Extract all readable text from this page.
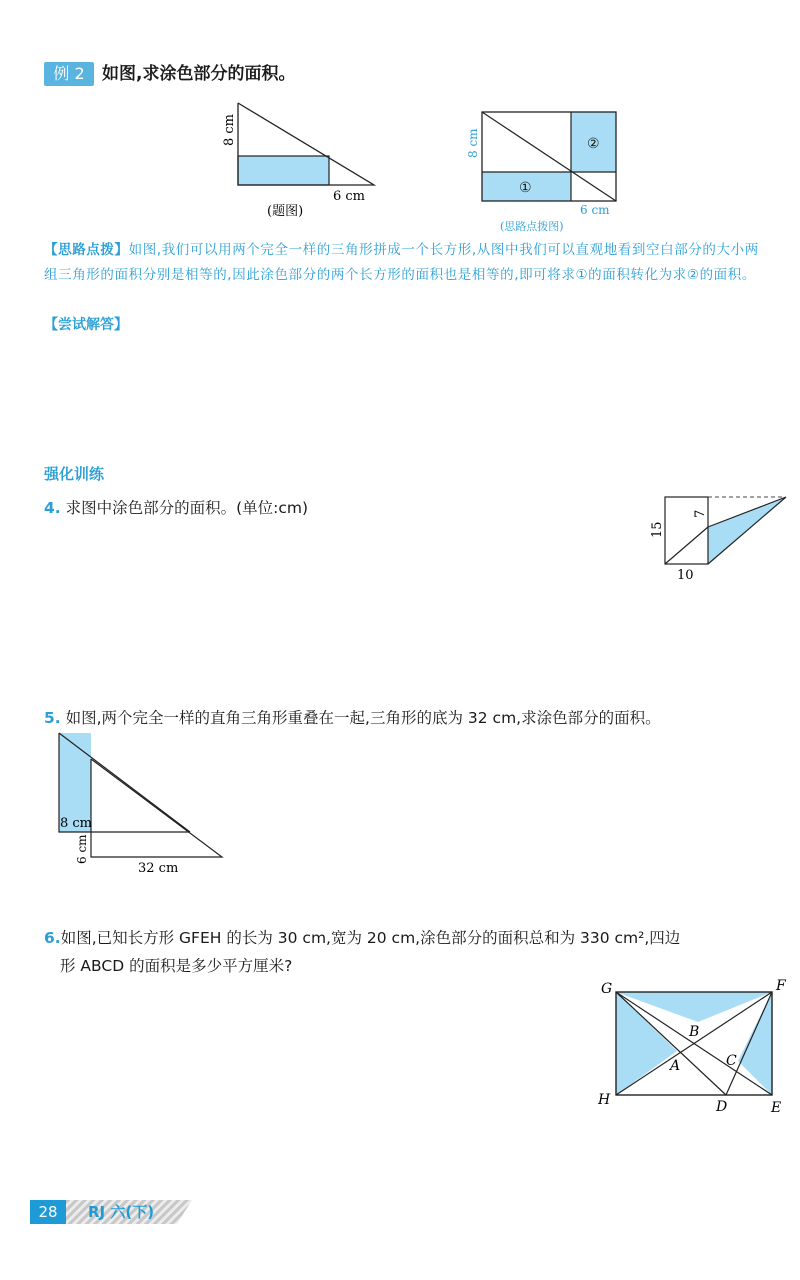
例 2	如图,求涂色部分的面积。
8 cm
6 cm
(题图)
②
①
8 cm
6 cm
(思路点拨图)
【思路点拨】如图,我们可以用两个完全一样的三角形拼成一个长方形,从图中我们可以直观地看到空白部分的大小两组三角形的面积分别是相等的,因此涂色部分的两个长方形的面积也是相等的,即可将求①的面积转化为求②的面积。
【尝试解答】
强化训练
4. 求图中涂色部分的面积。(单位:cm)
15
7
10
5. 如图,两个完全一样的直角三角形重叠在一起,三角形的底为 32 cm,求涂色部分的面积。
8 cm
6 cm
32 cm
6.如图,已知长方形 GFEH 的长为 30 cm,宽为 20 cm,涂色部分的面积总和为 330 cm²,四边
形 ABCD 的面积是多少平方厘米?
G	F
H	E
A
B
C
D
28	RJ 六(下)
